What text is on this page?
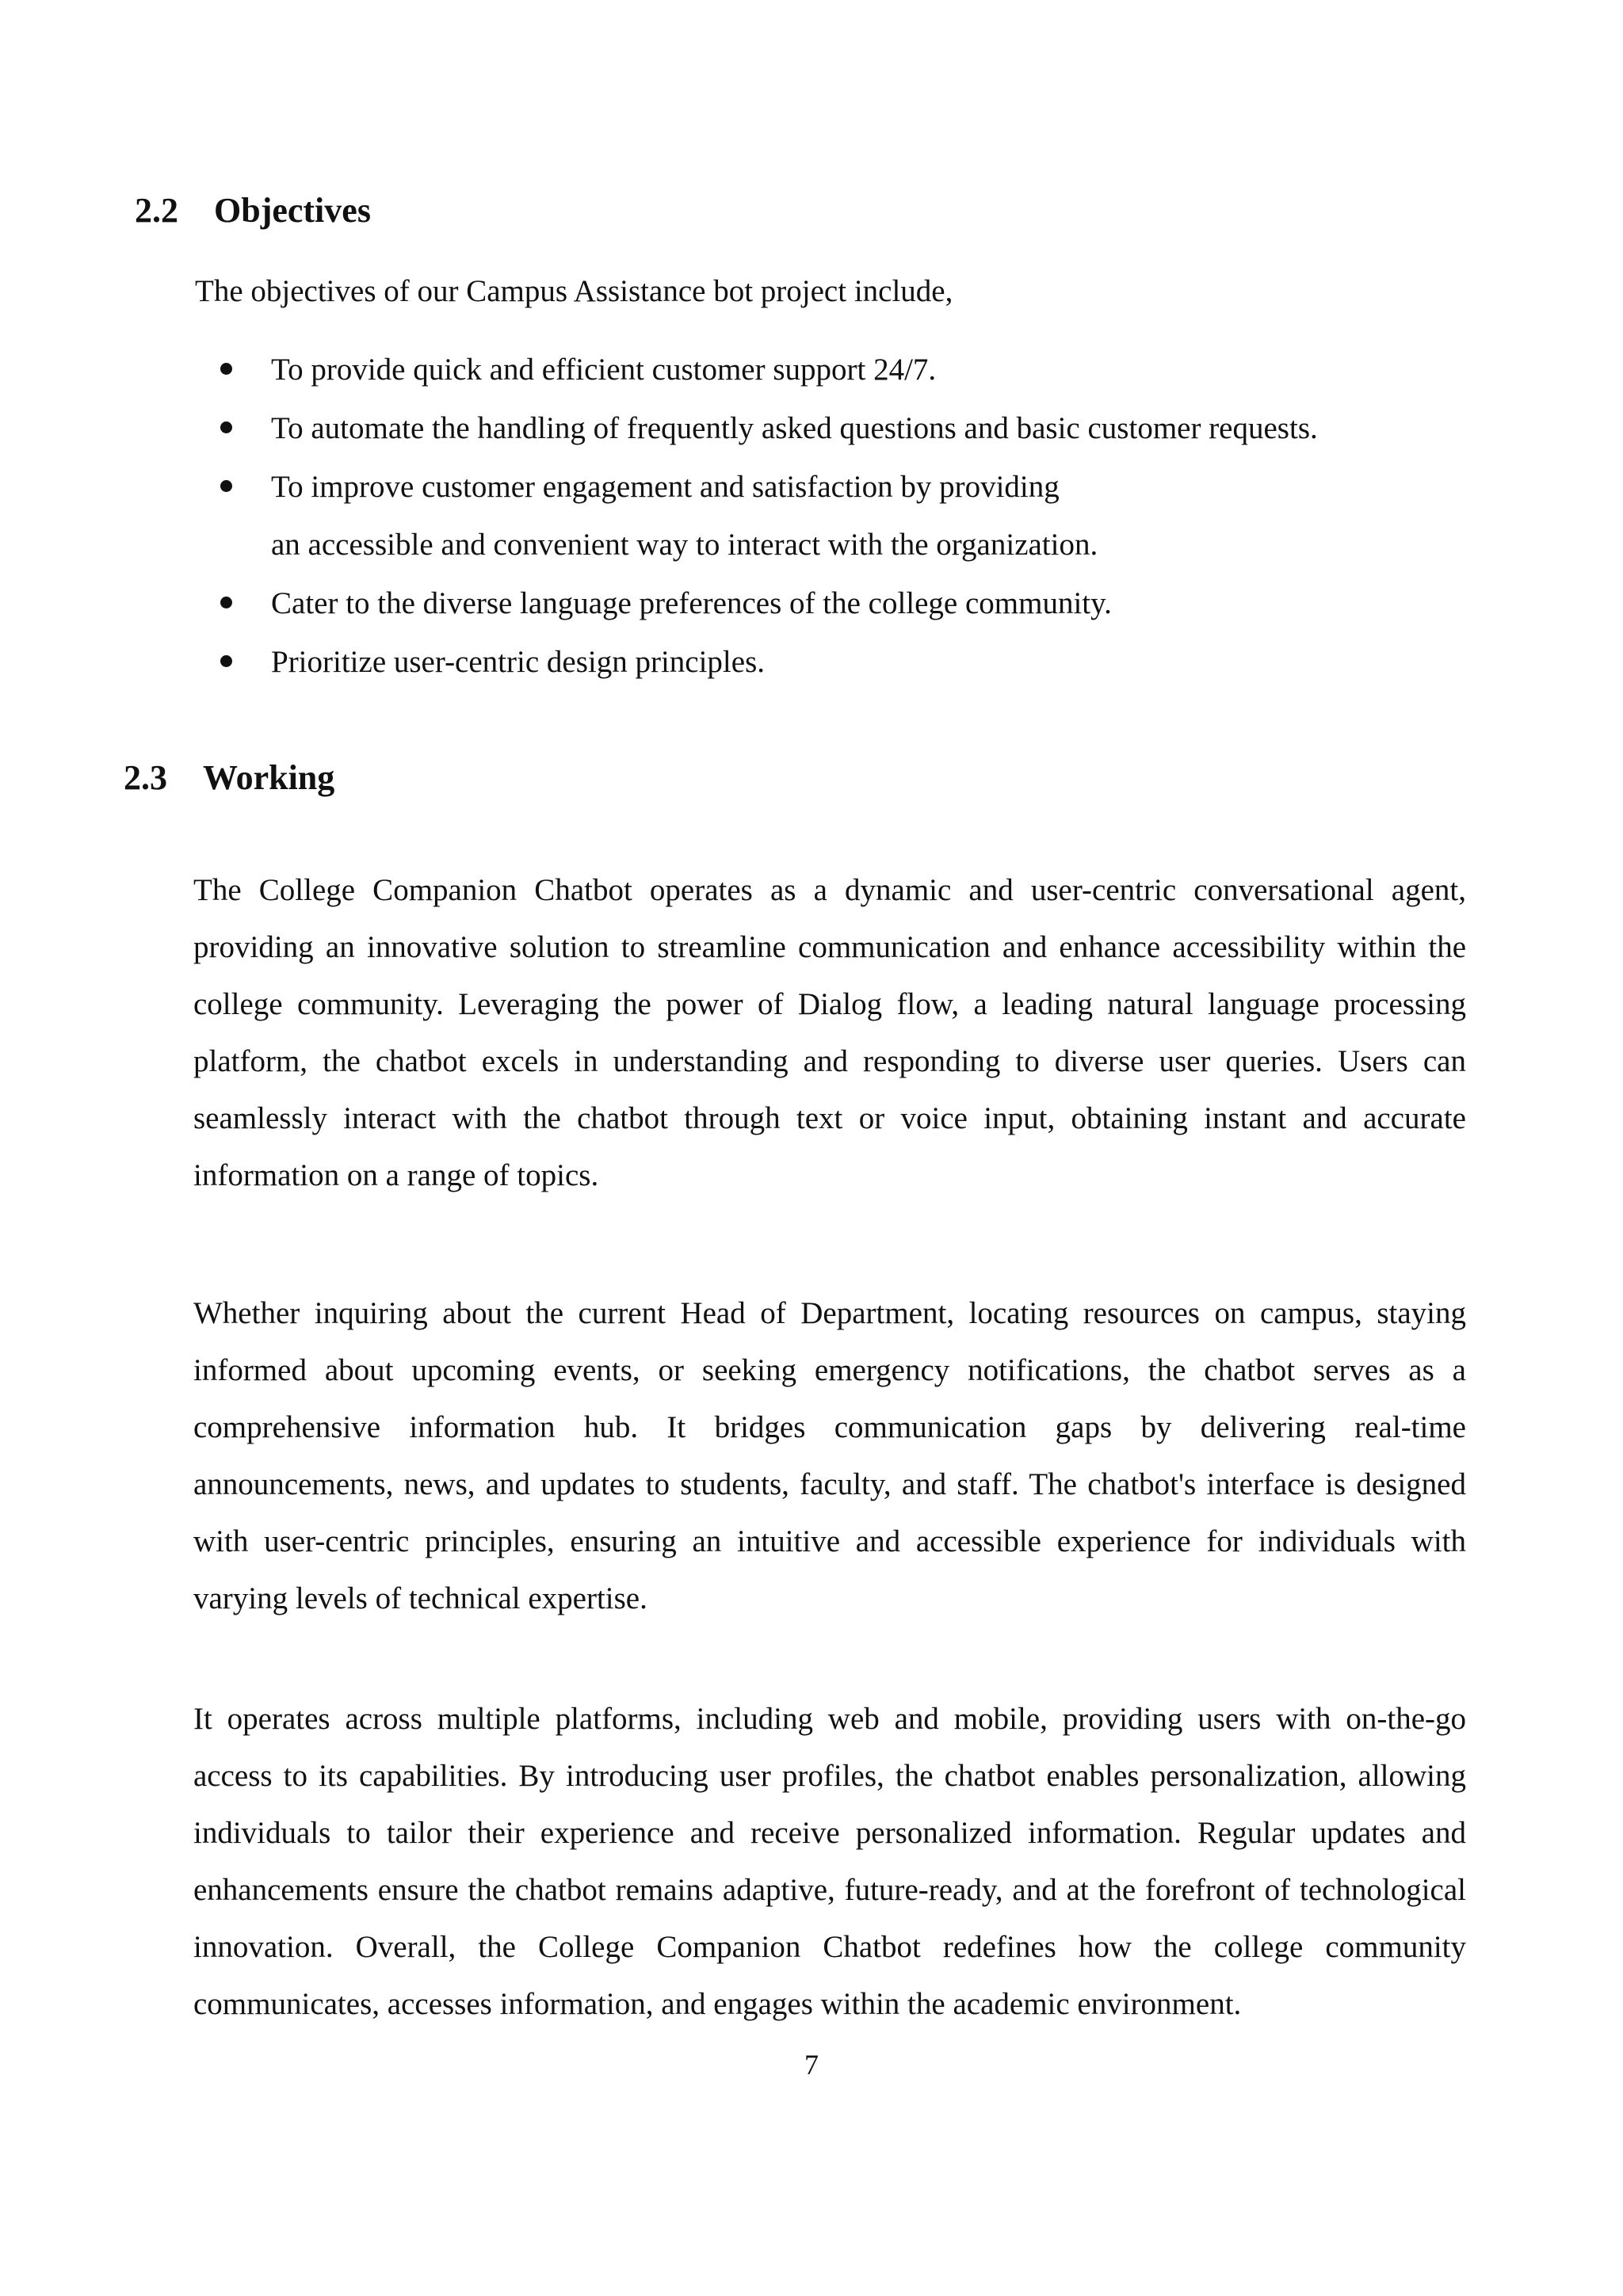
2.2 Objectives

The objectives of our Campus Assistance bot project include,

To provide quick and efficient customer support 24/7.
To automate the handling of frequently asked questions and basic customer requests.
To improve customer engagement and satisfaction by providing
an accessible and convenient way to interact with the organization.
Cater to the diverse language preferences of the college community.
Prioritize user-centric design principles.
2.3 Working

The College Companion Chatbot operates as a dynamic and user-centric conversational agent, providing an innovative solution to streamline communication and enhance accessibility within the college community. Leveraging the power of Dialog flow, a leading natural language processing platform, the chatbot excels in understanding and responding to diverse user queries. Users can seamlessly interact with the chatbot through text or voice input, obtaining instant and accurate information on a range of topics.

Whether inquiring about the current Head of Department, locating resources on campus, staying informed about upcoming events, or seeking emergency notifications, the chatbot serves as a comprehensive information hub. It bridges communication gaps by delivering real-time announcements, news, and updates to students, faculty, and staff. The chatbot's interface is designed with user-centric principles, ensuring an intuitive and accessible experience for individuals with varying levels of technical expertise.

It operates across multiple platforms, including web and mobile, providing users with on-the-go access to its capabilities. By introducing user profiles, the chatbot enables personalization, allowing individuals to tailor their experience and receive personalized information. Regular updates and enhancements ensure the chatbot remains adaptive, future-ready, and at the forefront of technological innovation. Overall, the College Companion Chatbot redefines how the college community communicates, accesses information, and engages within the academic environment.

7
